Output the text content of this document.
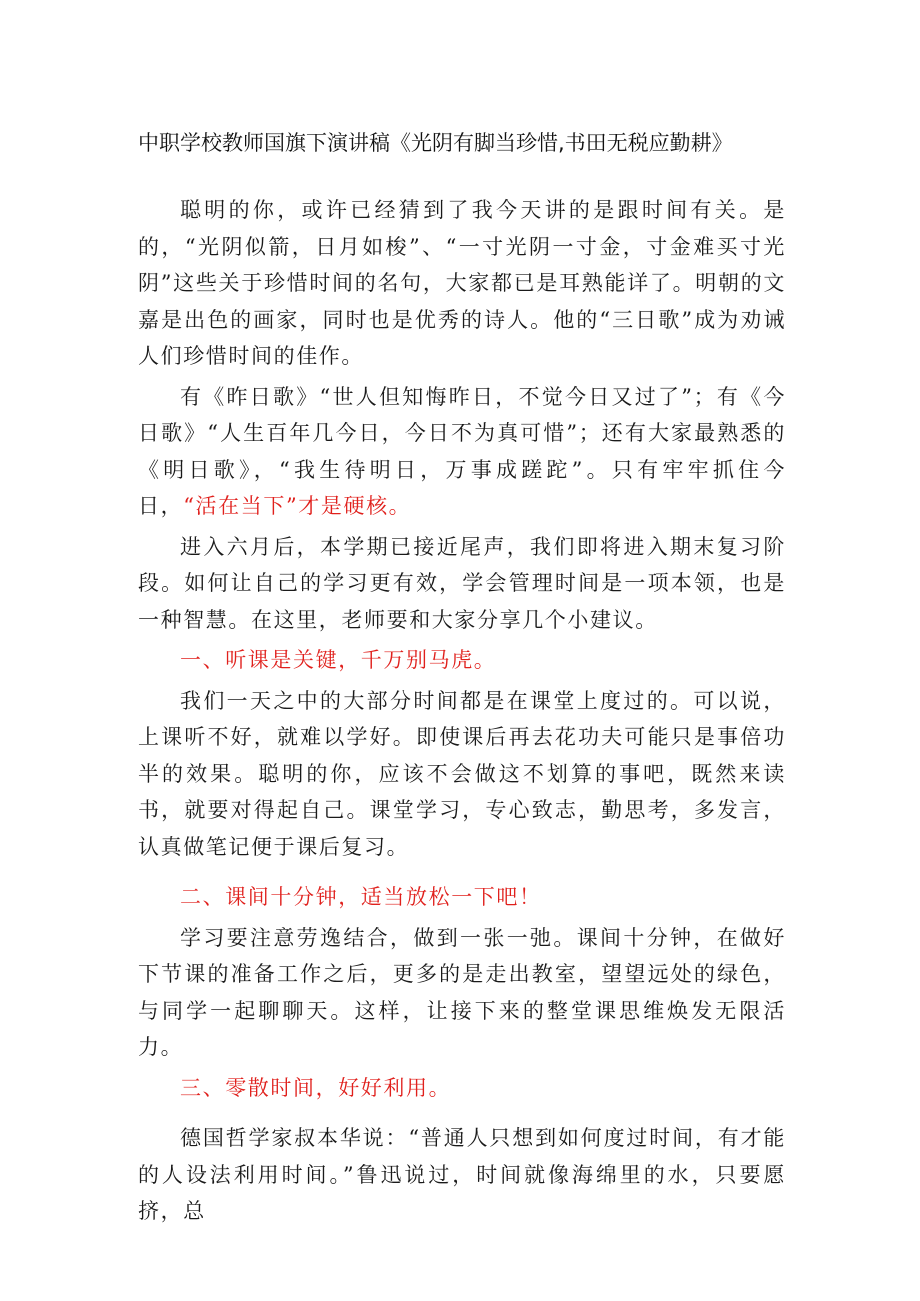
中职学校教师国旗下演讲稿《光阴有脚当珍惜,书田无税应勤耕》

聪明的你，或许已经猜到了我今天讲的是跟时间有关。是的，“光阴似箭，日月如梭”、“一寸光阴一寸金，寸金难买寸光阴”这些关于珍惜时间的名句，大家都已是耳熟能详了。明朝的文嘉是出色的画家，同时也是优秀的诗人。他的“三日歌”成为劝诫人们珍惜时间的佳作。

有《昨日歌》“世人但知悔昨日，不觉今日又过了”；有《今日歌》“人生百年几今日，今日不为真可惜”；还有大家最熟悉的《明日歌》，“我生待明日，万事成蹉跎”。只有牢牢抓住今日，“活在当下”才是硬核。

进入六月后，本学期已接近尾声，我们即将进入期末复习阶段。如何让自己的学习更有效，学会管理时间是一项本领，也是一种智慧。在这里，老师要和大家分享几个小建议。

一、听课是关键，千万别马虎。

我们一天之中的大部分时间都是在课堂上度过的。可以说，上课听不好，就难以学好。即使课后再去花功夫可能只是事倍功半的效果。聪明的你，应该不会做这不划算的事吧，既然来读书，就要对得起自己。课堂学习，专心致志，勤思考，多发言，认真做笔记便于课后复习。

二、课间十分钟，适当放松一下吧！

学习要注意劳逸结合，做到一张一弛。课间十分钟，在做好下节课的准备工作之后，更多的是走出教室，望望远处的绿色，与同学一起聊聊天。这样，让接下来的整堂课思维焕发无限活力。

三、零散时间，好好利用。

德国哲学家叔本华说：“普通人只想到如何度过时间，有才能的人设法利用时间。”鲁迅说过，时间就像海绵里的水，只要愿挤，总
